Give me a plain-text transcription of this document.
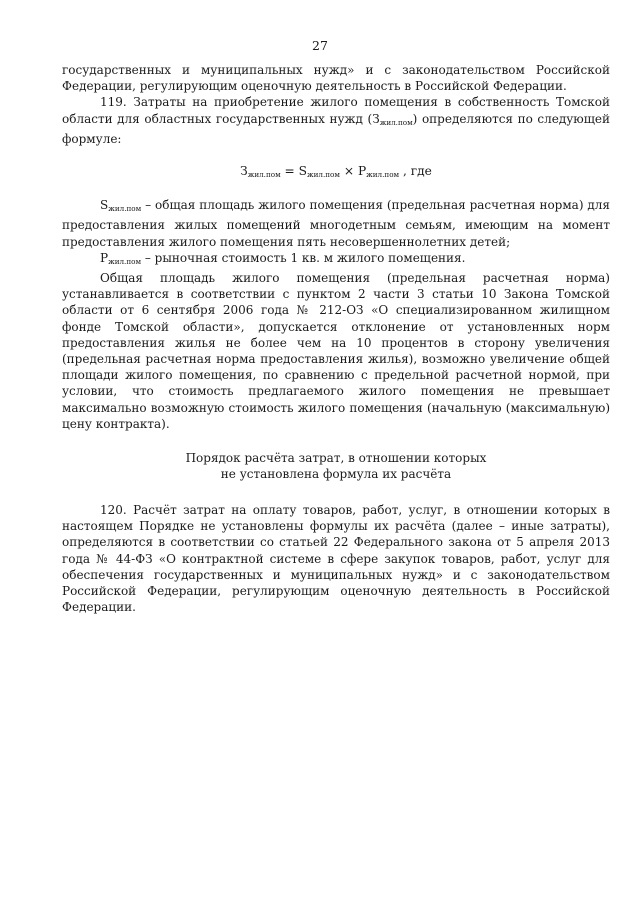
27

государственных и муниципальных нужд» и с законодательством Российской Федерации, регулирующим оценочную деятельность в Российской Федерации.

119. Затраты на приобретение жилого помещения в собственность Томской области для областных государственных нужд $(З_{жил.пом})$ определяются по следующей формуле:

$З_{жил.пом} = S_{жил.пом} \times Р_{жил.пом}$ , где

$S_{жил.пом}$ – общая площадь жилого помещения (предельная расчетная норма) для предоставления жилых помещений многодетным семьям, имеющим на момент предоставления жилого помещения пять несовершеннолетних детей;

$Р_{жил.пом}$ – рыночная стоимость 1 кв. м жилого помещения.

Общая площадь жилого помещения (предельная расчетная норма) устанавливается в соответствии с пунктом 2 части 3 статьи 10 Закона Томской области от 6 сентября 2006 года № 212-ОЗ «О специализированном жилищном фонде Томской области», допускается отклонение от установленных норм предоставления жилья не более чем на 10 процентов в сторону увеличения (предельная расчетная норма предоставления жилья), возможно увеличение общей площади жилого помещения, по сравнению с предельной расчетной нормой, при условии, что стоимость предлагаемого жилого помещения не превышает максимально возможную стоимость жилого помещения (начальную (максимальную) цену контракта).

Порядок расчёта затрат, в отношении которых
не установлена формула их расчёта

120. Расчёт затрат на оплату товаров, работ, услуг, в отношении которых в настоящем Порядке не установлены формулы их расчёта (далее – иные затраты), определяются в соответствии со статьей 22 Федерального закона от 5 апреля 2013 года № 44-ФЗ «О контрактной системе в сфере закупок товаров, работ, услуг для обеспечения государственных и муниципальных нужд» и с законодательством Российской Федерации, регулирующим оценочную деятельность в Российской Федерации.
